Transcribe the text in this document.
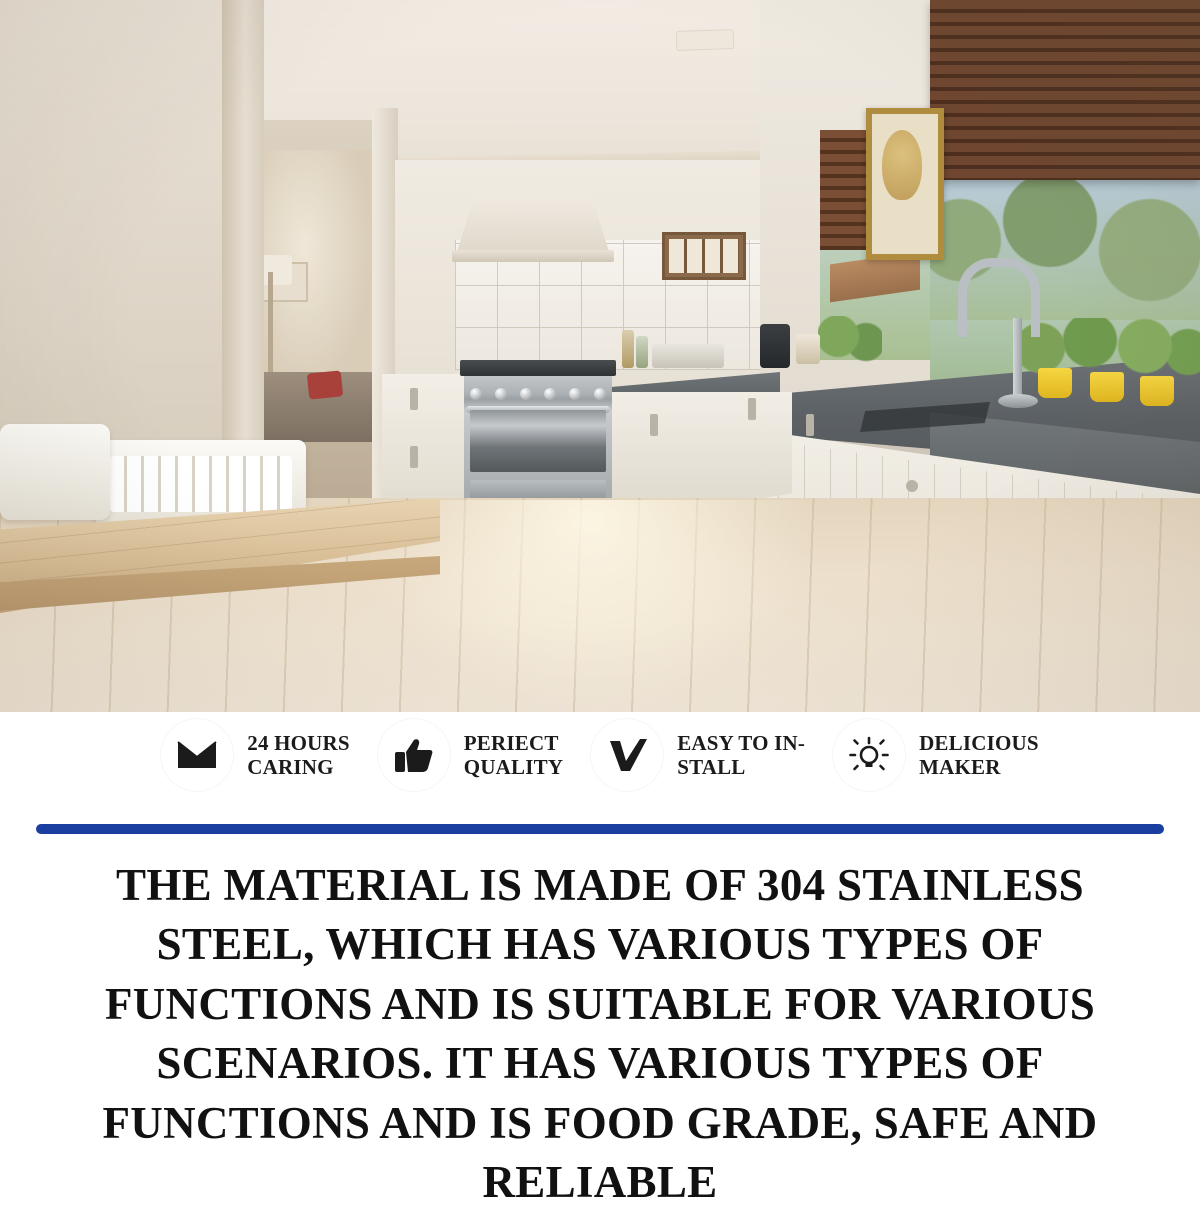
24 HOURS
CARING
PERIECT
QUALITY
EASY TO IN-
STALL
DELICIOUS
MAKER
THE MATERIAL IS MADE OF 304 STAINLESS STEEL, WHICH HAS VARIOUS TYPES OF FUNCTIONS AND IS SUITABLE FOR VARIOUS SCENARIOS. IT HAS VARIOUS TYPES OF FUNCTIONS AND IS FOOD GRADE, SAFE AND RELIABLE
